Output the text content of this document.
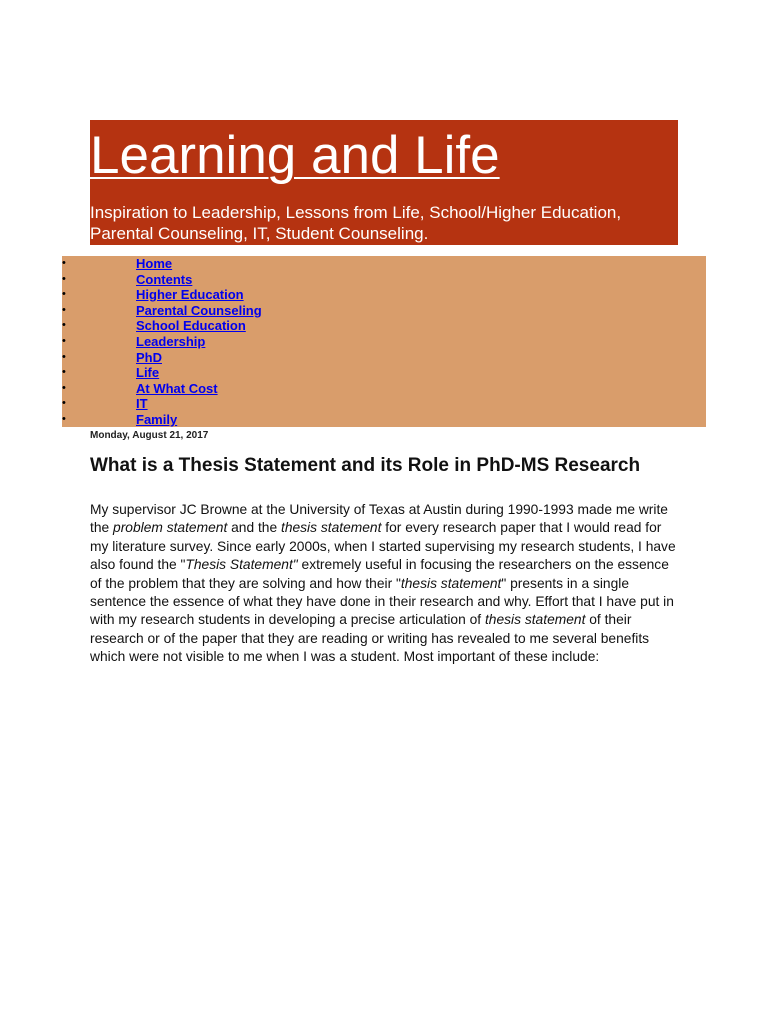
Learning and Life

Inspiration to Leadership, Lessons from Life, School/Higher Education, Parental Counseling, IT, Student Counseling.

•	Home
•	Contents
•	Higher Education
•	Parental Counseling
•	School Education
•	Leadership
•	PhD
•	Life
•	At What Cost
•	IT
•	Family

Monday, August 21, 2017

What is a Thesis Statement and its Role in PhD-MS Research

My supervisor JC Browne at the University of Texas at Austin during 1990-1993 made me write the problem statement and the thesis statement for every research paper that I would read for my literature survey. Since early 2000s, when I started supervising my research students, I have also found the "Thesis Statement" extremely useful in focusing the researchers on the essence of the problem that they are solving and how their "thesis statement" presents in a single sentence the essence of what they have done in their research and why. Effort that I have put in with my research students in developing a precise articulation of thesis statement of their research or of the paper that they are reading or writing has revealed to me several benefits which were not visible to me when I was a student. Most important of these include:
